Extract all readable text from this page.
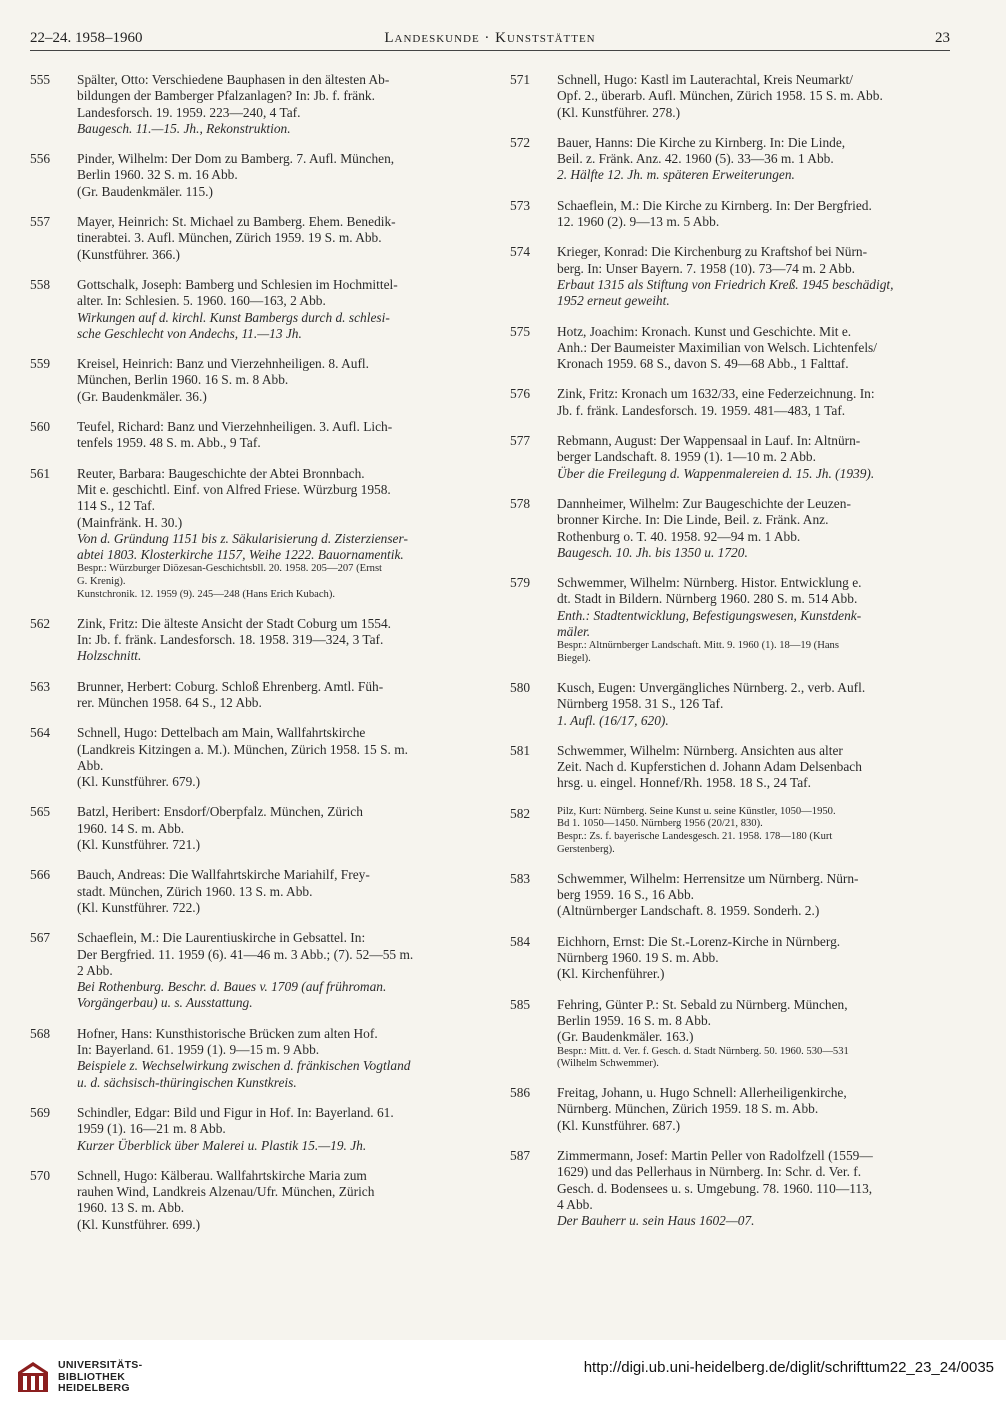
22–24. 1958–1960	Landeskunde · Kunststätten	23
555	Spälter, Otto: Verschiedene Bauphasen in den ältesten Ab-
bildungen der Bamberger Pfalzanlagen? In: Jb. f. fränk.
Landesforsch. 19. 1959. 223—240, 4 Taf.
Baugesch. 11.—15. Jh., Rekonstruktion.
556	Pinder, Wilhelm: Der Dom zu Bamberg. 7. Aufl. München,
Berlin 1960. 32 S. m. 16 Abb.
(Gr. Baudenkmäler. 115.)
557	Mayer, Heinrich: St. Michael zu Bamberg. Ehem. Benedik-
tinerabtei. 3. Aufl. München, Zürich 1959. 19 S. m. Abb.
(Kunstführer. 366.)
558	Gottschalk, Joseph: Bamberg und Schlesien im Hochmittel-
alter. In: Schlesien. 5. 1960. 160—163, 2 Abb.
Wirkungen auf d. kirchl. Kunst Bambergs durch d. schlesi-
sche Geschlecht von Andechs, 11.—13 Jh.
559	Kreisel, Heinrich: Banz und Vierzehnheiligen. 8. Aufl.
München, Berlin 1960. 16 S. m. 8 Abb.
(Gr. Baudenkmäler. 36.)
560	Teufel, Richard: Banz und Vierzehnheiligen. 3. Aufl. Lich-
tenfels 1959. 48 S. m. Abb., 9 Taf.
561	Reuter, Barbara: Baugeschichte der Abtei Bronnbach.
Mit e. geschichtl. Einf. von Alfred Friese. Würzburg 1958.
114 S., 12 Taf.
(Mainfränk. H. 30.)
Von d. Gründung 1151 bis z. Säkularisierung d. Zisterzienser-
abtei 1803. Klosterkirche 1157, Weihe 1222. Bauornamentik.
Bespr.: Würzburger Diözesan-Geschichtsbll. 20. 1958. 205—207 (Ernst
G. Krenig).
Kunstchronik. 12. 1959 (9). 245—248 (Hans Erich Kubach).
562	Zink, Fritz: Die älteste Ansicht der Stadt Coburg um 1554.
In: Jb. f. fränk. Landesforsch. 18. 1958. 319—324, 3 Taf.
Holzschnitt.
563	Brunner, Herbert: Coburg. Schloß Ehrenberg. Amtl. Füh-
rer. München 1958. 64 S., 12 Abb.
564	Schnell, Hugo: Dettelbach am Main, Wallfahrtskirche
(Landkreis Kitzingen a. M.). München, Zürich 1958. 15 S. m.
Abb.
(Kl. Kunstführer. 679.)
565	Batzl, Heribert: Ensdorf/Oberpfalz. München, Zürich
1960. 14 S. m. Abb.
(Kl. Kunstführer. 721.)
566	Bauch, Andreas: Die Wallfahrtskirche Mariahilf, Frey-
stadt. München, Zürich 1960. 13 S. m. Abb.
(Kl. Kunstführer. 722.)
567	Schaeflein, M.: Die Laurentiuskirche in Gebsattel. In:
Der Bergfried. 11. 1959 (6). 41—46 m. 3 Abb.; (7). 52—55 m.
2 Abb.
Bei Rothenburg. Beschr. d. Baues v. 1709 (auf frühroman.
Vorgängerbau) u. s. Ausstattung.
568	Hofner, Hans: Kunsthistorische Brücken zum alten Hof.
In: Bayerland. 61. 1959 (1). 9—15 m. 9 Abb.
Beispiele z. Wechselwirkung zwischen d. fränkischen Vogtland
u. d. sächsisch-thüringischen Kunstkreis.
569	Schindler, Edgar: Bild und Figur in Hof. In: Bayerland. 61.
1959 (1). 16—21 m. 8 Abb.
Kurzer Überblick über Malerei u. Plastik 15.—19. Jh.
570	Schnell, Hugo: Kälberau. Wallfahrtskirche Maria zum
rauhen Wind, Landkreis Alzenau/Ufr. München, Zürich
1960. 13 S. m. Abb.
(Kl. Kunstführer. 699.)
571	Schnell, Hugo: Kastl im Lauterachtal, Kreis Neumarkt/
Opf. 2., überarb. Aufl. München, Zürich 1958. 15 S. m. Abb.
(Kl. Kunstführer. 278.)
572	Bauer, Hanns: Die Kirche zu Kirnberg. In: Die Linde,
Beil. z. Fränk. Anz. 42. 1960 (5). 33—36 m. 1 Abb.
2. Hälfte 12. Jh. m. späteren Erweiterungen.
573	Schaeflein, M.: Die Kirche zu Kirnberg. In: Der Bergfried.
12. 1960 (2). 9—13 m. 5 Abb.
574	Krieger, Konrad: Die Kirchenburg zu Kraftshof bei Nürn-
berg. In: Unser Bayern. 7. 1958 (10). 73—74 m. 2 Abb.
Erbaut 1315 als Stiftung von Friedrich Kreß. 1945 beschädigt,
1952 erneut geweiht.
575	Hotz, Joachim: Kronach. Kunst und Geschichte. Mit e.
Anh.: Der Baumeister Maximilian von Welsch. Lichtenfels/
Kronach 1959. 68 S., davon S. 49—68 Abb., 1 Falttaf.
576	Zink, Fritz: Kronach um 1632/33, eine Federzeichnung. In:
Jb. f. fränk. Landesforsch. 19. 1959. 481—483, 1 Taf.
577	Rebmann, August: Der Wappensaal in Lauf. In: Altnürn-
berger Landschaft. 8. 1959 (1). 1—10 m. 2 Abb.
Über die Freilegung d. Wappenmalereien d. 15. Jh. (1939).
578	Dannheimer, Wilhelm: Zur Baugeschichte der Leuzen-
bronner Kirche. In: Die Linde, Beil. z. Fränk. Anz.
Rothenburg o. T. 40. 1958. 92—94 m. 1 Abb.
Baugesch. 10. Jh. bis 1350 u. 1720.
579	Schwemmer, Wilhelm: Nürnberg. Histor. Entwicklung e.
dt. Stadt in Bildern. Nürnberg 1960. 280 S. m. 514 Abb.
Enth.: Stadtentwicklung, Befestigungswesen, Kunstdenk-
mäler.
Bespr.: Altnürnberger Landschaft. Mitt. 9. 1960 (1). 18—19 (Hans
Biegel).
580	Kusch, Eugen: Unvergängliches Nürnberg. 2., verb. Aufl.
Nürnberg 1958. 31 S., 126 Taf.
1. Aufl. (16/17, 620).
581	Schwemmer, Wilhelm: Nürnberg. Ansichten aus alter
Zeit. Nach d. Kupferstichen d. Johann Adam Delsenbach
hrsg. u. eingel. Honnef/Rh. 1958. 18 S., 24 Taf.
582	Pilz, Kurt: Nürnberg. Seine Kunst u. seine Künstler, 1050—1950.
Bd 1. 1050—1450. Nürnberg 1956 (20/21, 830).
Bespr.: Zs. f. bayerische Landesgesch. 21. 1958. 178—180 (Kurt
Gerstenberg).
583	Schwemmer, Wilhelm: Herrensitze um Nürnberg. Nürn-
berg 1959. 16 S., 16 Abb.
(Altnürnberger Landschaft. 8. 1959. Sonderh. 2.)
584	Eichhorn, Ernst: Die St.-Lorenz-Kirche in Nürnberg.
Nürnberg 1960. 19 S. m. Abb.
(Kl. Kirchenführer.)
585	Fehring, Günter P.: St. Sebald zu Nürnberg. München,
Berlin 1959. 16 S. m. 8 Abb.
(Gr. Baudenkmäler. 163.)
Bespr.: Mitt. d. Ver. f. Gesch. d. Stadt Nürnberg. 50. 1960. 530—531
(Wilhelm Schwemmer).
586	Freitag, Johann, u. Hugo Schnell: Allerheiligenkirche,
Nürnberg. München, Zürich 1959. 18 S. m. Abb.
(Kl. Kunstführer. 687.)
587	Zimmermann, Josef: Martin Peller von Radolfzell (1559—
1629) und das Pellerhaus in Nürnberg. In: Schr. d. Ver. f.
Gesch. d. Bodensees u. s. Umgebung. 78. 1960. 110—113,
4 Abb.
Der Bauherr u. sein Haus 1602—07.
UNIVERSITÄTS-
BIBLIOTHEK
HEIDELBERG
http://digi.ub.uni-heidelberg.de/diglit/schrifttum22_23_24/0035
